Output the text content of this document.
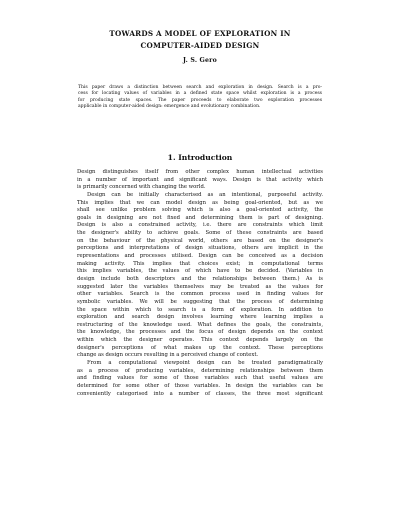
TOWARDS A MODEL OF EXPLORATION IN
COMPUTER-AIDED DESIGN
J. S. Gero

This paper draws a distinction between search and exploration in design. Search is a pro-
cess for locating values of variables in a defined state space whilst exploration is a process
for producing state spaces. The paper proceeds to elaborate two exploration processes
applicable in computer-aided design: emergence and evolutionary combination.

1. Introduction

Design distinguishes itself from other complex human intellectual activities
in a number of important and significant ways. Design is that activity which
is primarily concerned with changing the world.

Design can be initially characterised as an intentional, purposeful activity.
This implies that we can model design as being goal-oriented, but as we
shall see unlike problem solving which is also a goal-oriented activity, the
goals in designing are not fixed and determining them is part of designing.
Design is also a constrained activity, i.e. there are constraints which limit
the designer's ability to achieve goals. Some of these constraints are based
on the behaviour of the physical world, others are based on the designer's
perceptions and interpretations of design situations, others are implicit in the
representations and processes utilised. Design can be conceived as a decision
making activity. This implies that choices exist; in computational terms
this implies variables, the values of which have to be decided. (Variables in
design include both descriptors and the relationships between them.) As is
suggested later the variables themselves may be treated as the values for
other variables. Search is the common process used in finding values for
symbolic variables. We will be suggesting that the process of determining
the space within which to search is a form of exploration. In addition to
exploration and search design involves learning where learning implies a
restructuring of the knowledge used. What defines the goals, the constraints,
the knowledge, the processes and the focus of design depends on the context
within which the designer operates. This context depends largely on the
designer's perceptions of what makes up the context. These perceptions
change as design occurs resulting in a perceived change of context.

From a computational viewpoint design can be treated paradigmatically
as a process of producing variables, determining relationships between them
and finding values for some of those variables such that useful values are
determined for some other of those variables. In design the variables can be
conveniently categorised into a number of classes, the three most significant
